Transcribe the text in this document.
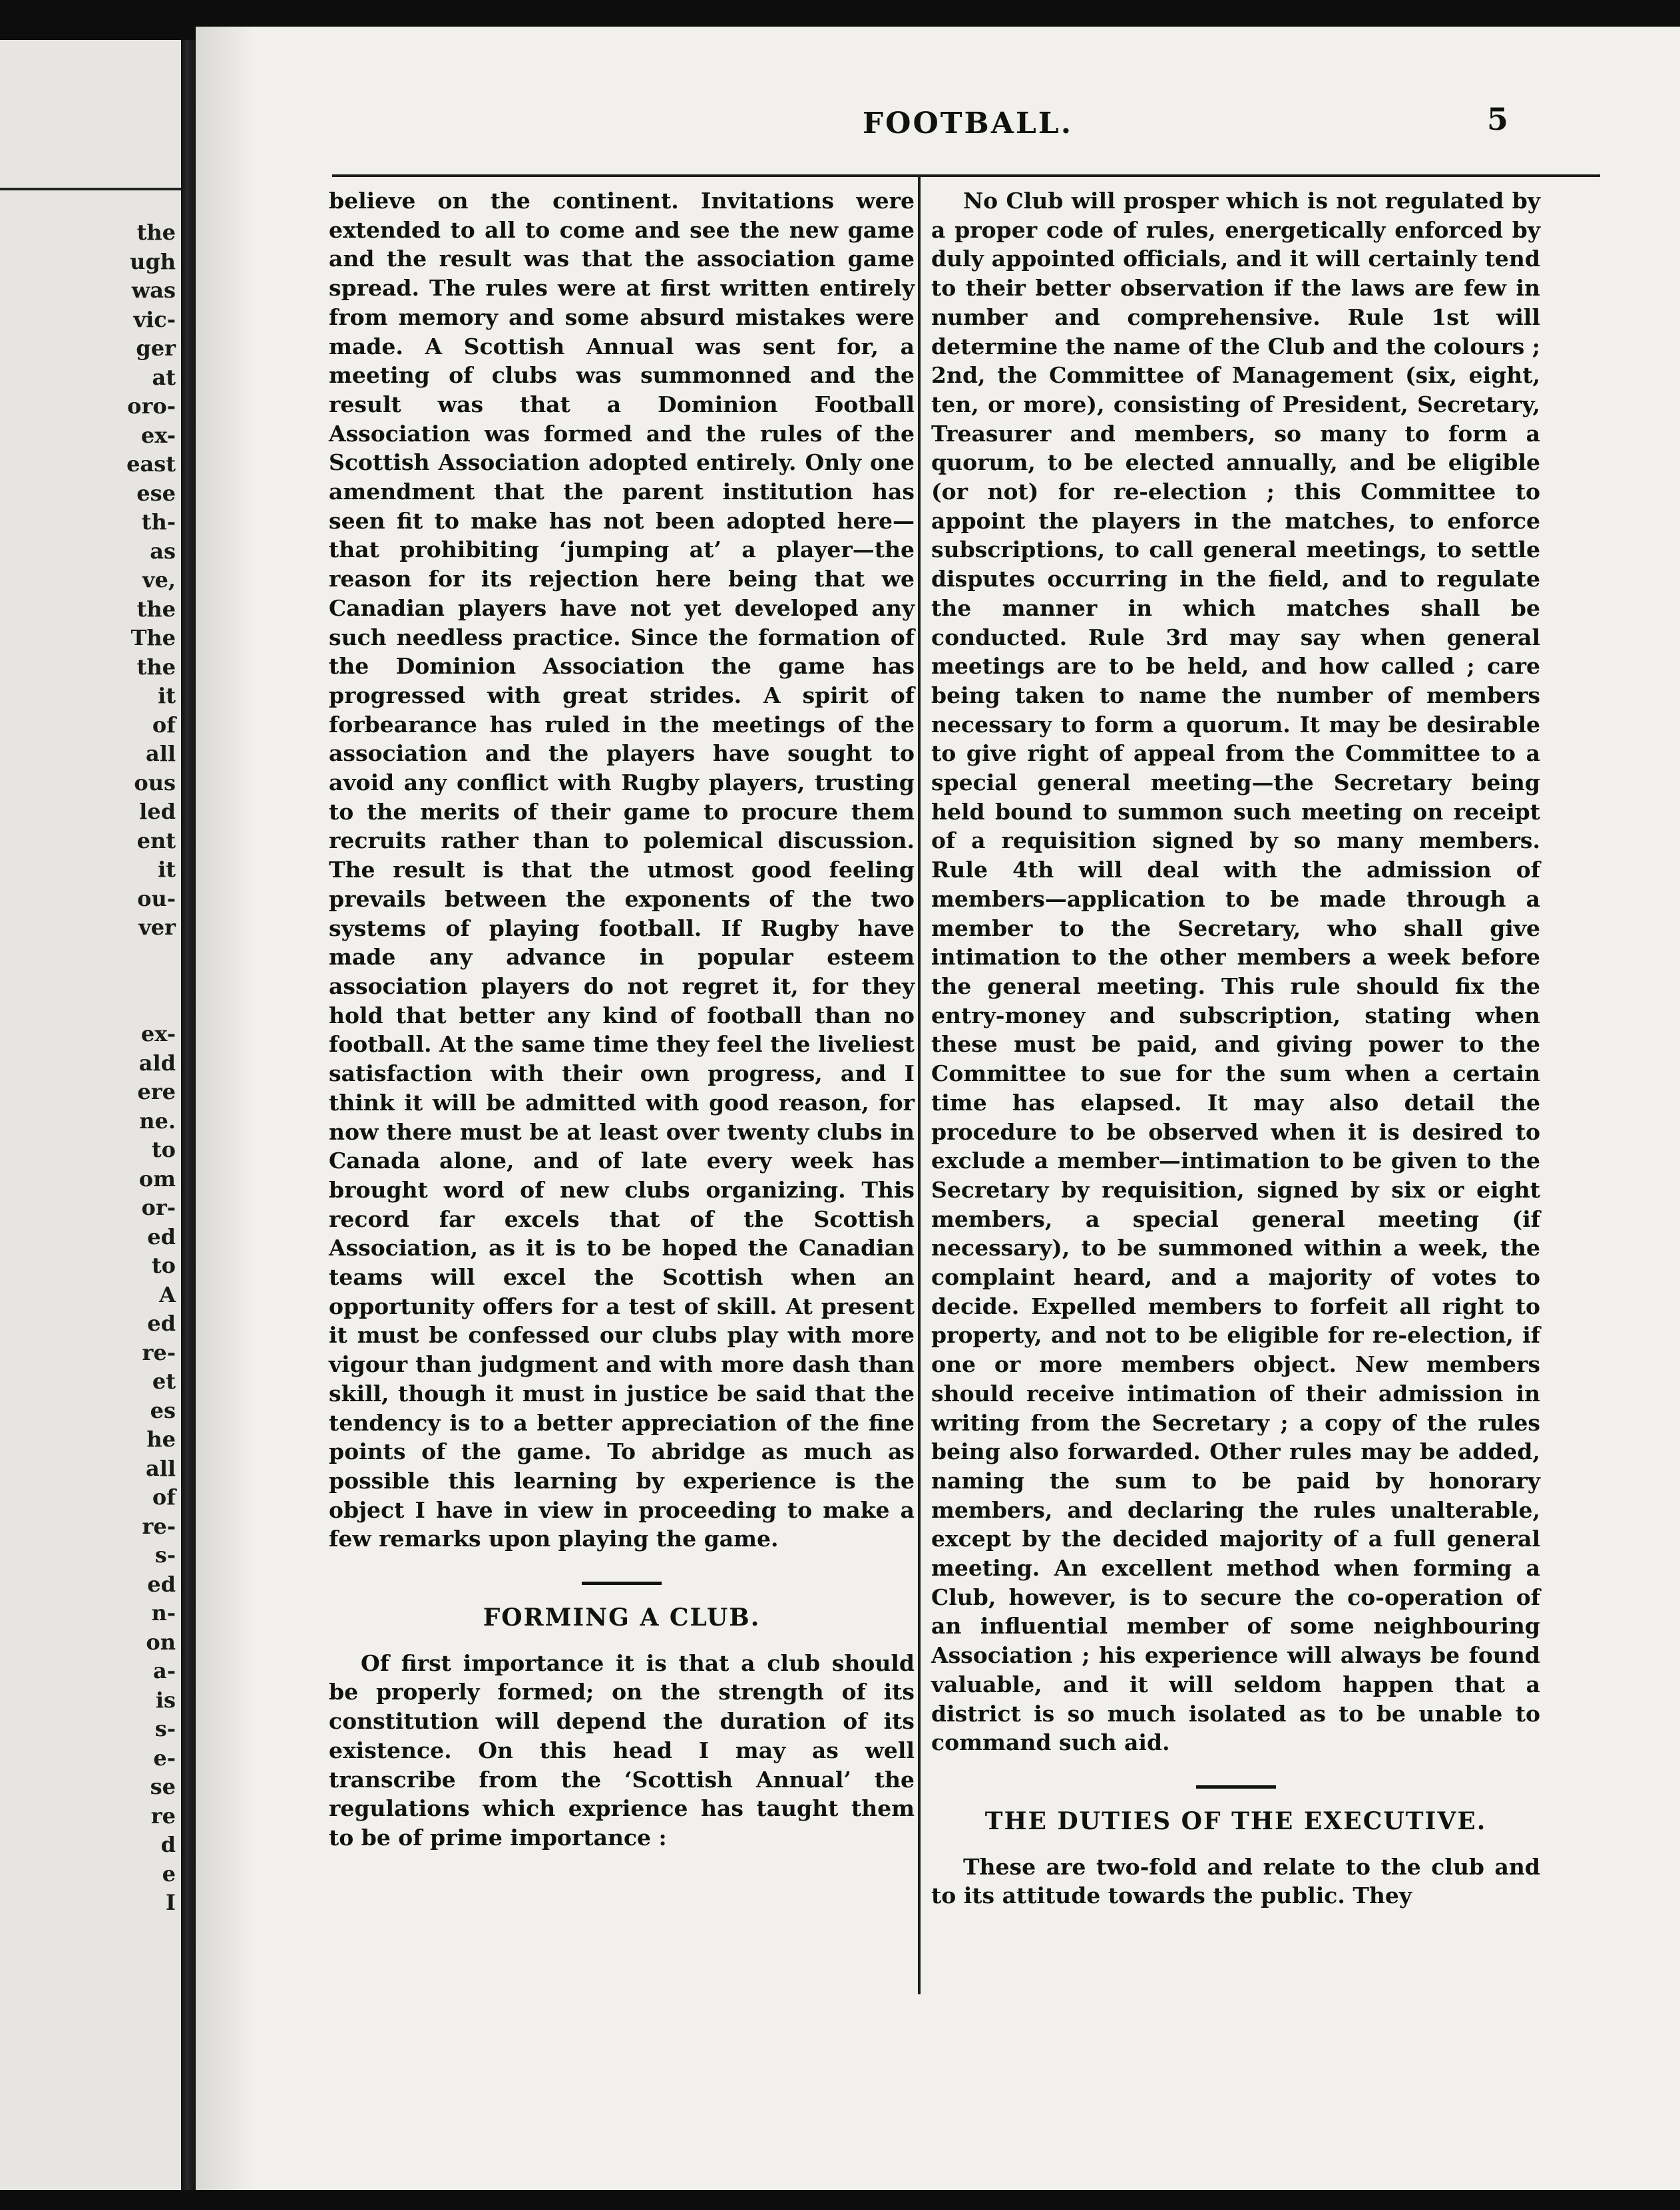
the
ugh
was
vic-
ger
at
oro-
ex-
east
ese
th-
as
ve,
the
The
the
it
of
all
ous
led
ent
it
ou-
ver
ex-
ald
ere
ne.
to
om
or-
ed
to
A
ed
re-
et
es
he
all
of
re-
s-
ed
n-
on
a-
is
s-
e-
se
re
d
e
I
FOOTBALL.	5

believe on the continent. Invitations were extended to all to come and see the new game and the result was that the association game spread. The rules were at first written entirely from memory and some absurd mistakes were made. A Scottish Annual was sent for, a meeting of clubs was summonned and the result was that a Dominion Football Association was formed and the rules of the Scottish Association adopted entirely. Only one amendment that the parent institution has seen fit to make has not been adopted here—that prohibiting ‘jumping at’ a player—the reason for its rejection here being that we Canadian players have not yet developed any such needless practice. Since the formation of the Dominion Association the game has progressed with great strides. A spirit of forbearance has ruled in the meetings of the association and the players have sought to avoid any conflict with Rugby players, trusting to the merits of their game to procure them recruits rather than to polemical discussion. The result is that the utmost good feeling prevails between the exponents of the two systems of playing football. If Rugby have made any advance in popular esteem association players do not regret it, for they hold that better any kind of football than no football. At the same time they feel the liveliest satisfaction with their own progress, and I think it will be admitted with good reason, for now there must be at least over twenty clubs in Canada alone, and of late every week has brought word of new clubs organizing. This record far excels that of the Scottish Association, as it is to be hoped the Canadian teams will excel the Scottish when an opportunity offers for a test of skill. At present it must be confessed our clubs play with more vigour than judgment and with more dash than skill, though it must in justice be said that the tendency is to a better appreciation of the fine points of the game. To abridge as much as possible this learning by experience is the object I have in view in proceeding to make a few remarks upon playing the game.

FORMING A CLUB.

Of first importance it is that a club should be properly formed; on the strength of its constitution will depend the duration of its existence. On this head I may as well transcribe from the ‘Scottish Annual’ the regulations which exprience has taught them to be of prime importance :

No Club will prosper which is not regulated by a proper code of rules, energetically enforced by duly appointed officials, and it will certainly tend to their better observation if the laws are few in number and comprehensive. Rule 1st will determine the name of the Club and the colours ; 2nd, the Committee of Management (six, eight, ten, or more), consisting of President, Secretary, Treasurer and members, so many to form a quorum, to be elected annually, and be eligible (or not) for re-election ; this Committee to appoint the players in the matches, to enforce subscriptions, to call general meetings, to settle disputes occurring in the field, and to regulate the manner in which matches shall be conducted. Rule 3rd may say when general meetings are to be held, and how called ; care being taken to name the number of members necessary to form a quorum. It may be desirable to give right of appeal from the Committee to a special general meeting—the Secretary being held bound to summon such meeting on receipt of a requisition signed by so many members. Rule 4th will deal with the admission of members—application to be made through a member to the Secretary, who shall give intimation to the other members a week before the general meeting. This rule should fix the entry-money and subscription, stating when these must be paid, and giving power to the Committee to sue for the sum when a certain time has elapsed. It may also detail the procedure to be observed when it is desired to exclude a member—intimation to be given to the Secretary by requisition, signed by six or eight members, a special general meeting (if necessary), to be summoned within a week, the complaint heard, and a majority of votes to decide. Expelled members to forfeit all right to property, and not to be eligible for re-election, if one or more members object. New members should receive intimation of their admission in writing from the Secretary ; a copy of the rules being also forwarded. Other rules may be added, naming the sum to be paid by honorary members, and declaring the rules unalterable, except by the decided majority of a full general meeting. An excellent method when forming a Club, however, is to secure the co-operation of an influential member of some neighbouring Association ; his experience will always be found valuable, and it will seldom happen that a district is so much isolated as to be unable to command such aid.

THE DUTIES OF THE EXECUTIVE.

These are two-fold and relate to the club and to its attitude towards the public. They
